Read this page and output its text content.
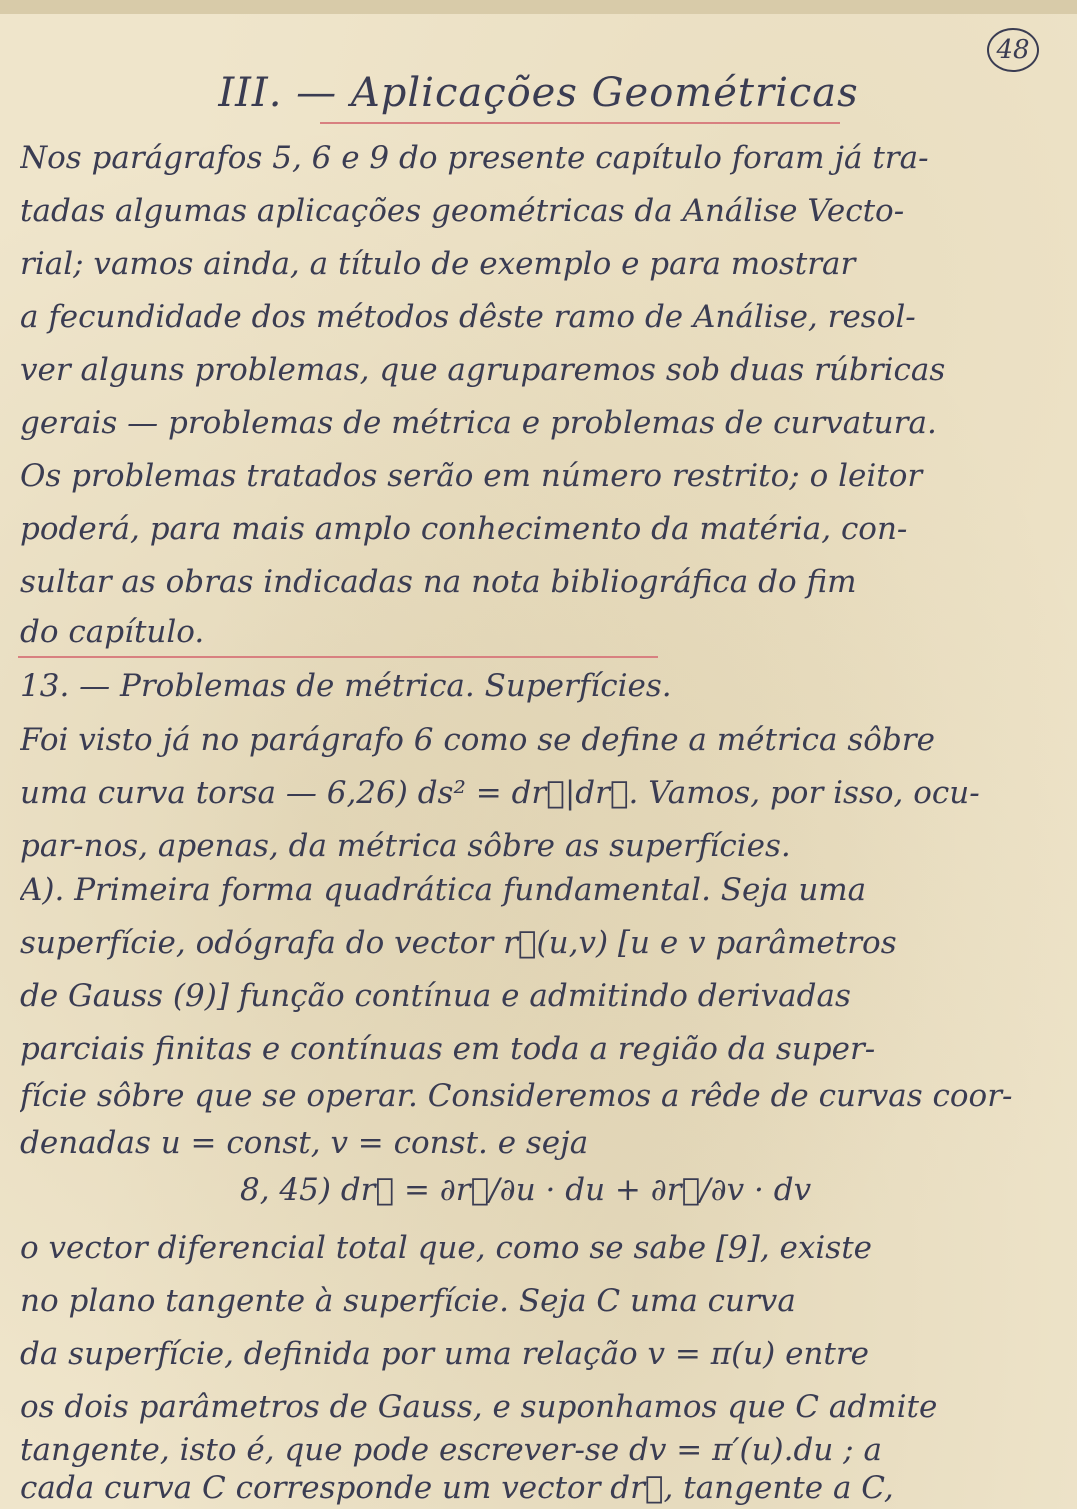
48
III. — Aplicações Geométricas
Nos parágrafos 5, 6 e 9 do presente capítulo foram já tra-
tadas algumas aplicações geométricas da Análise Vecto-
rial; vamos ainda, a título de exemplo e para mostrar
a fecundidade dos métodos dêste ramo de Análise, resol-
ver alguns problemas, que agruparemos sob duas rúbricas
gerais — problemas de métrica e problemas de curvatura.
Os problemas tratados serão em número restrito; o leitor
poderá, para mais amplo conhecimento da matéria, con-
sultar as obras indicadas na nota bibliográfica do fim
do capítulo.
13. — Problemas de métrica. Superfícies.
Foi visto já no parágrafo 6 como se define a métrica sôbre
uma curva torsa — 6,26) ds² = dr⃗|dr⃗. Vamos, por isso, ocu-
par-nos, apenas, da métrica sôbre as superfícies.
A). Primeira forma quadrática fundamental. Seja uma
superfície, odógrafa do vector r⃗(u,v) [u e v parâmetros
de Gauss (9)] função contínua e admitindo derivadas
parciais finitas e contínuas em toda a região da super-
fície sôbre que se operar. Consideremos a rêde de curvas coor-
denadas u = const, v = const. e seja
8, 45) dr⃗ = ∂r⃗/∂u · du + ∂r⃗/∂v · dv
o vector diferencial total que, como se sabe [9], existe
no plano tangente à superfície. Seja C uma curva
da superfície, definida por uma relação v = π(u) entre
os dois parâmetros de Gauss, e suponhamos que C admite
tangente, isto é, que pode escrever-se dv = π′(u).du ; a
cada curva C corresponde um vector dr⃗, tangente a C,
